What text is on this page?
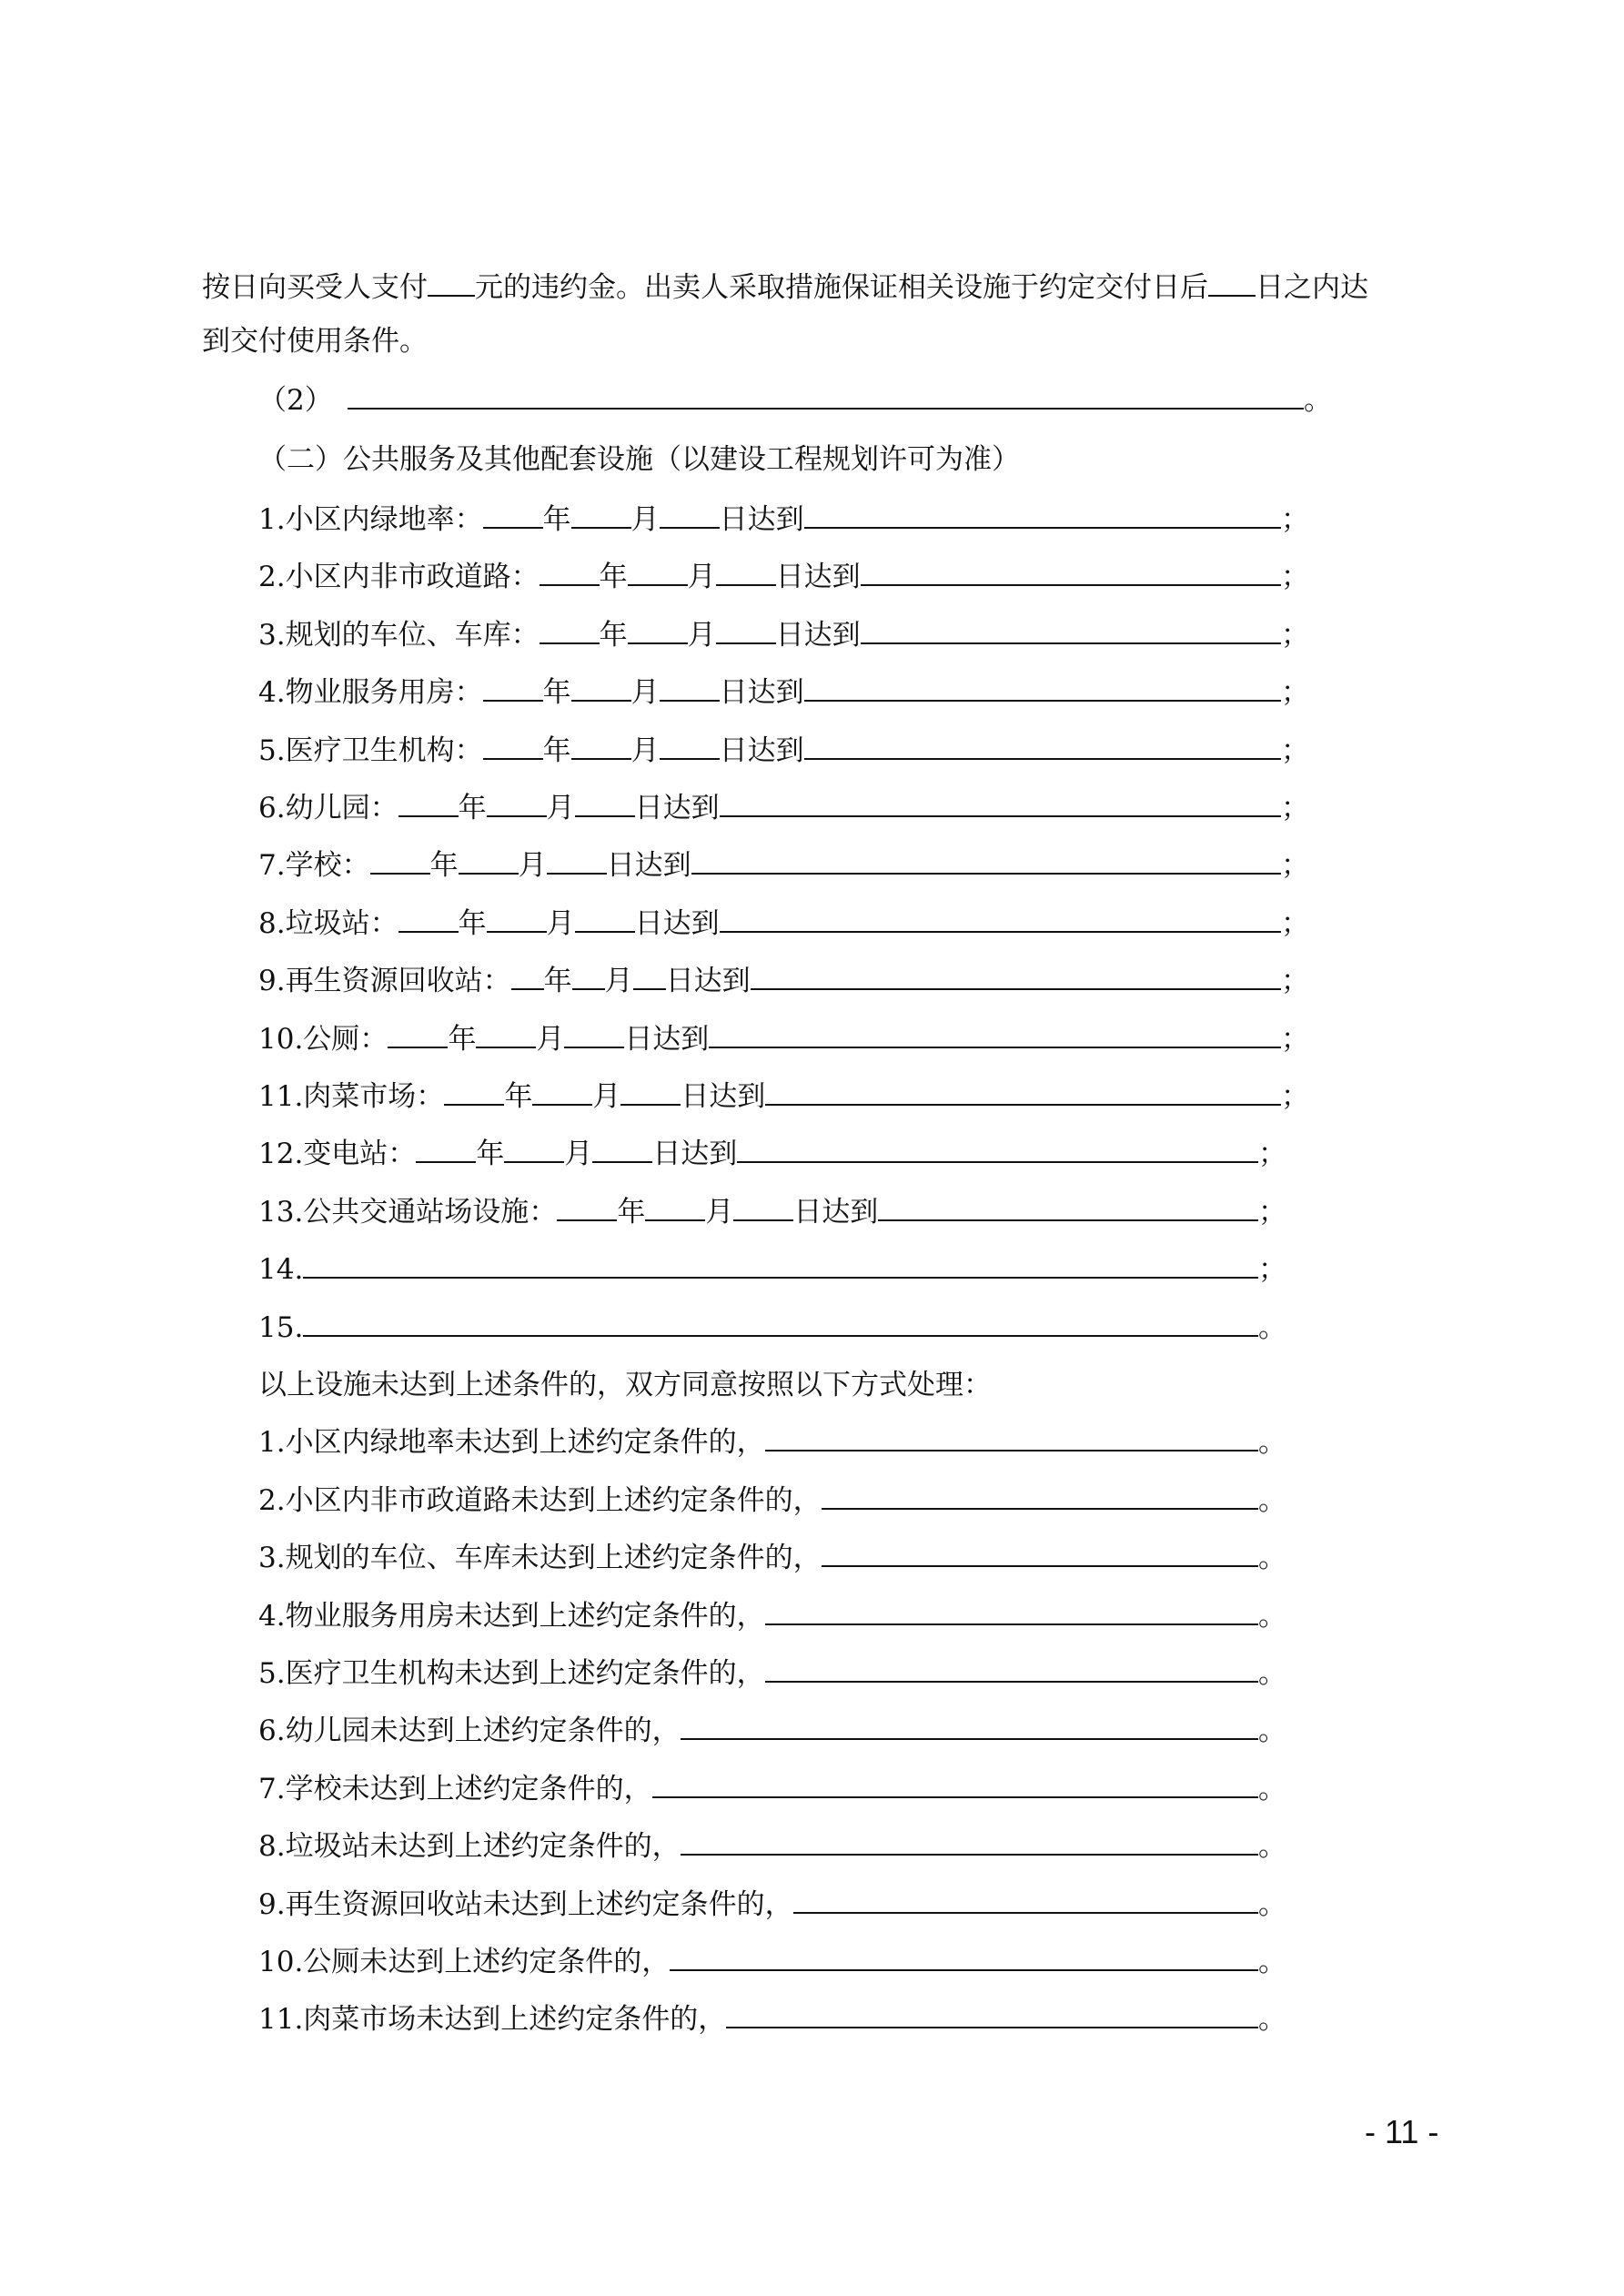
按日向买受人支付 元的违约金。出卖人采取措施保证相关设施于约定交付日后 日之内达
到交付使用条件。
（2）	。
（二）公共服务及其他配套设施（以建设工程规划许可为准）
1.小区内绿地率： 年 月 日达到	；
2.小区内非市政道路： 年 月 日达到	；
3.规划的车位、车库： 年 月 日达到	；
4.物业服务用房： 年 月 日达到	；
5.医疗卫生机构： 年 月 日达到	；
6.幼儿园： 年 月 日达到	；
7.学校： 年 月 日达到	；
8.垃圾站： 年 月 日达到	；
9.再生资源回收站： 年 月 日达到	；
10.公厕： 年 月 日达到	；
11.肉菜市场： 年 月 日达到	；
12.变电站： 年 月 日达到	；
13.公共交通站场设施： 年 月 日达到	；
14.	；
15.	。
以上设施未达到上述条件的，双方同意按照以下方式处理：
1.小区内绿地率未达到上述约定条件的，	。
2.小区内非市政道路未达到上述约定条件的，	。
3.规划的车位、车库未达到上述约定条件的，	。
4.物业服务用房未达到上述约定条件的，	。
5.医疗卫生机构未达到上述约定条件的，	。
6.幼儿园未达到上述约定条件的，	。
7.学校未达到上述约定条件的，	。
8.垃圾站未达到上述约定条件的，	。
9.再生资源回收站未达到上述约定条件的，	。
10.公厕未达到上述约定条件的，	。
11.肉菜市场未达到上述约定条件的，	。
- 11 -
